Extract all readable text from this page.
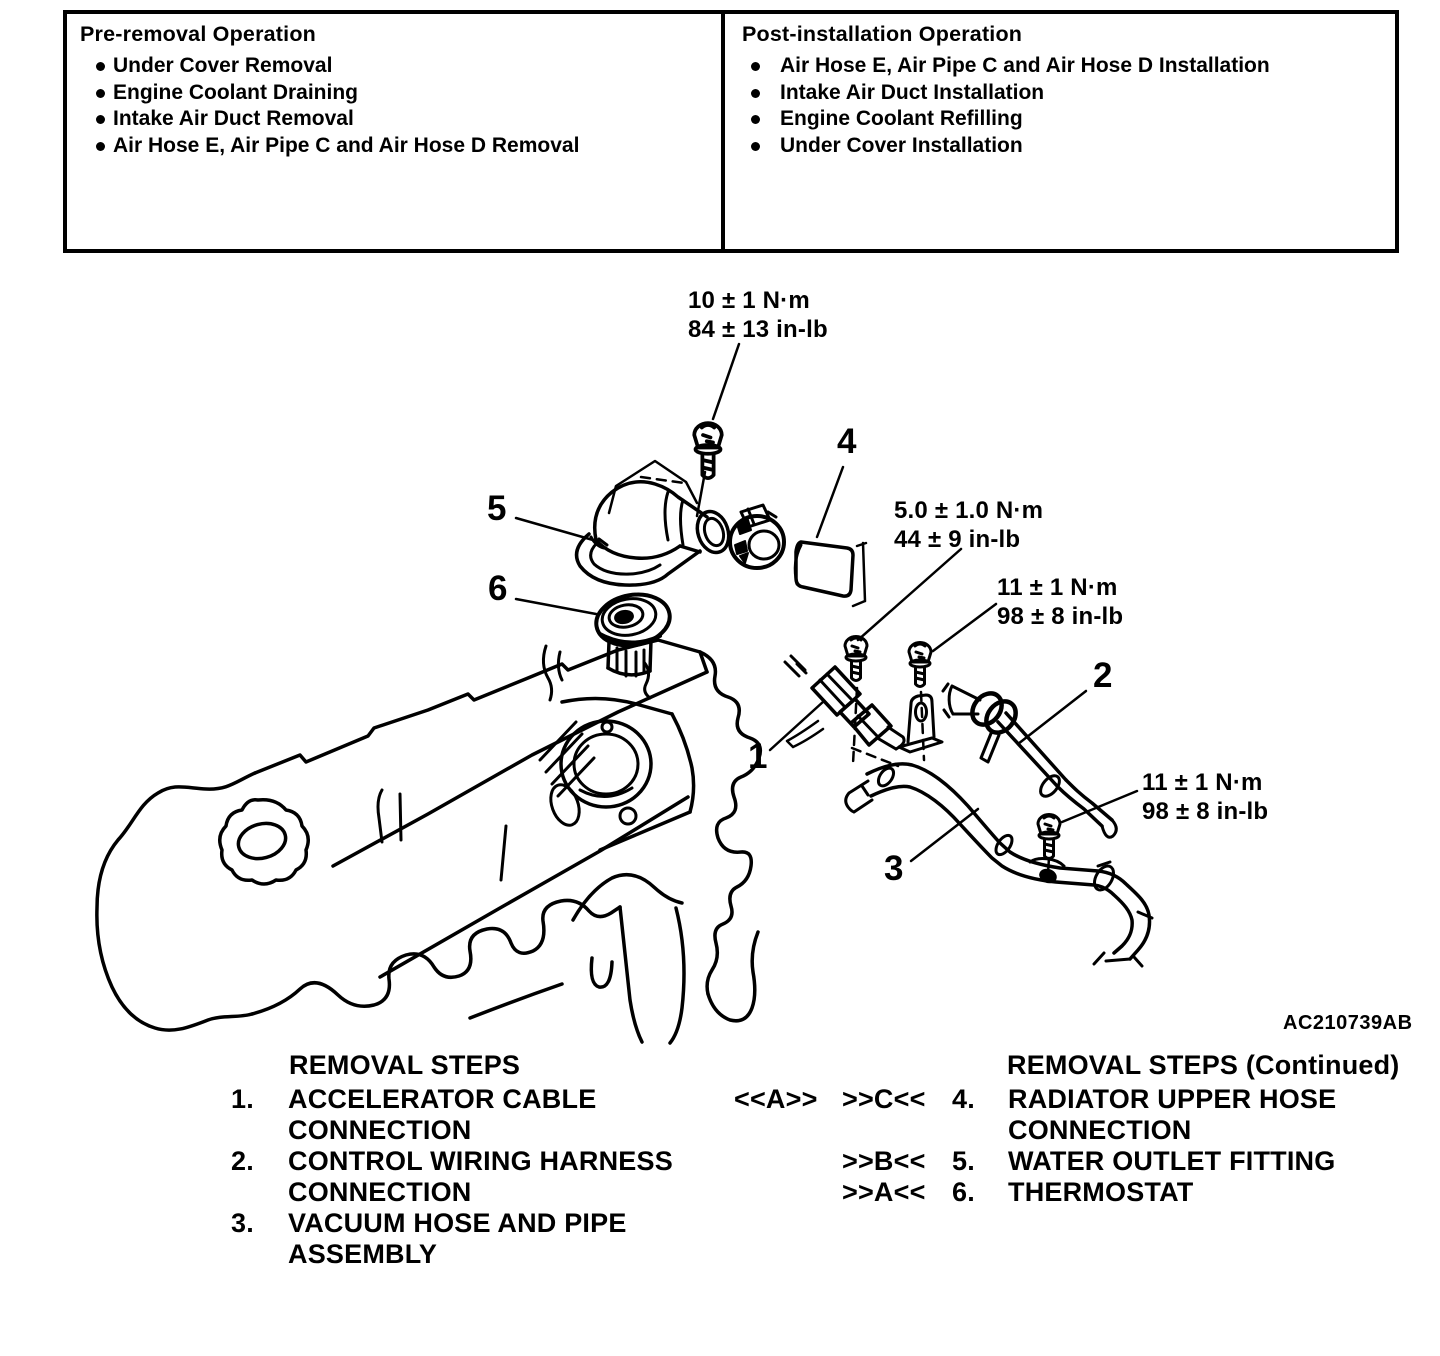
Pre-removal Operation
Under Cover Removal
Engine Coolant Draining
Intake Air Duct Removal
Air Hose E, Air Pipe C and Air Hose D Removal
Post-installation Operation
Air Hose E, Air Pipe C and Air Hose D Installation
Intake Air Duct Installation
Engine Coolant Refilling
Under Cover Installation
10 ± 1 N·m
84 ± 13 in-lb
5.0 ± 1.0 N·m
44 ± 9 in-lb
11 ± 1 N·m
98 ± 8 in-lb
11 ± 1 N·m
98 ± 8 in-lb
1
2
3
4
5
6
AC210739AB
REMOVAL STEPS
1. ACCELERATOR CABLE
CONNECTION
2. CONTROL WIRING HARNESS
CONNECTION
3. VACUUM HOSE AND PIPE
ASSEMBLY
REMOVAL STEPS (Continued)
<<A>> >>C<< 4. RADIATOR UPPER HOSE
CONNECTION
>>B<< 5. WATER OUTLET FITTING
>>A<< 6. THERMOSTAT
